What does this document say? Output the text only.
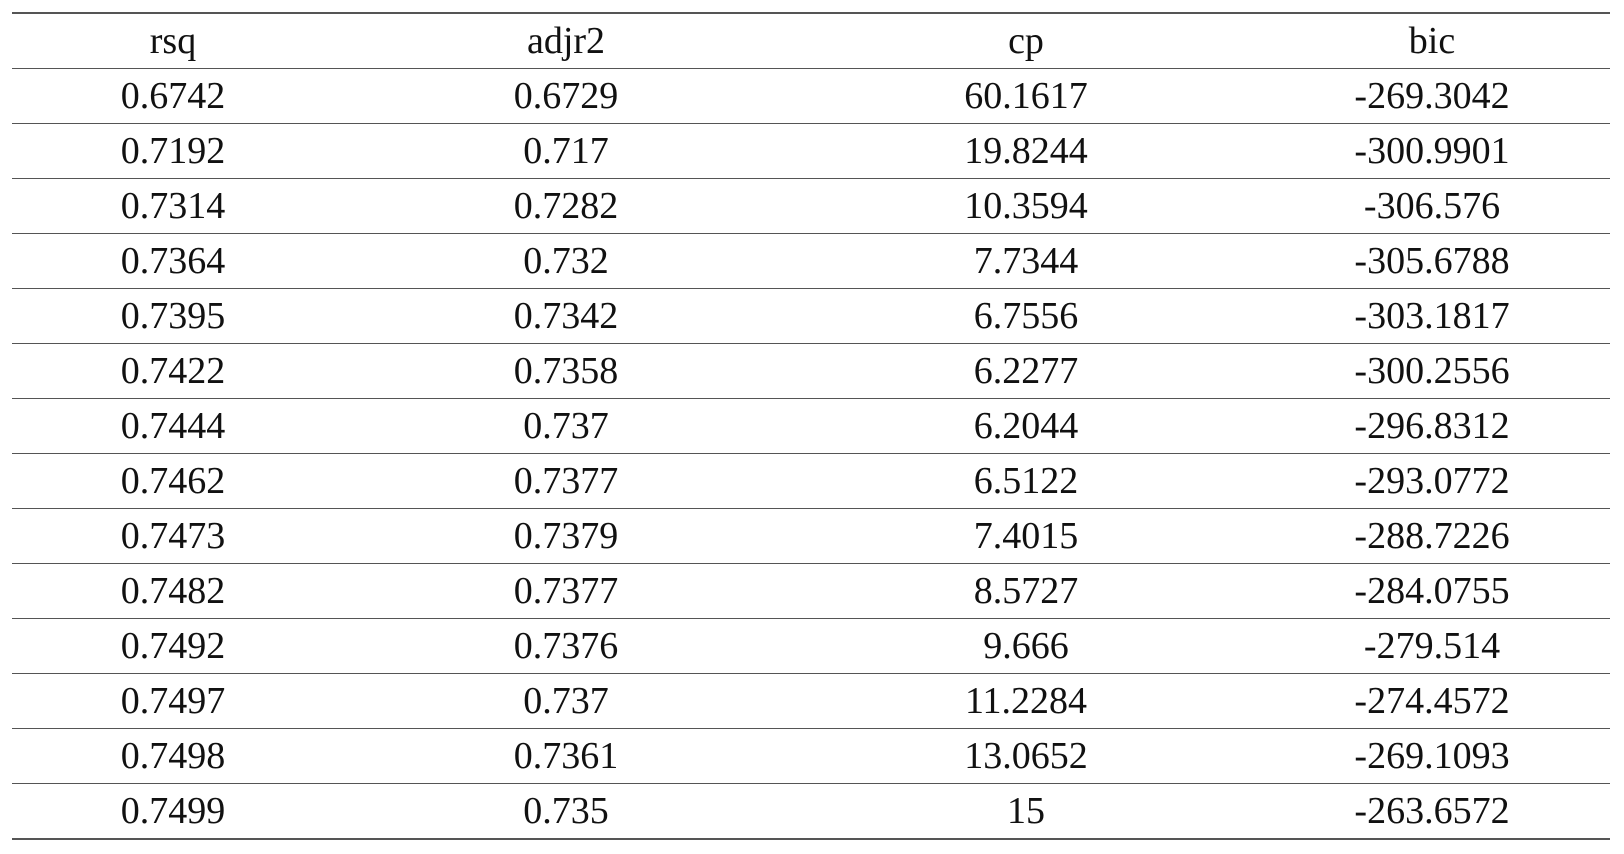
rsq	adjr2	cp	bic
0.6742	0.6729	60.1617	-269.3042
0.7192	0.717	19.8244	-300.9901
0.7314	0.7282	10.3594	-306.576
0.7364	0.732	7.7344	-305.6788
0.7395	0.7342	6.7556	-303.1817
0.7422	0.7358	6.2277	-300.2556
0.7444	0.737	6.2044	-296.8312
0.7462	0.7377	6.5122	-293.0772
0.7473	0.7379	7.4015	-288.7226
0.7482	0.7377	8.5727	-284.0755
0.7492	0.7376	9.666	-279.514
0.7497	0.737	11.2284	-274.4572
0.7498	0.7361	13.0652	-269.1093
0.7499	0.735	15	-263.6572
